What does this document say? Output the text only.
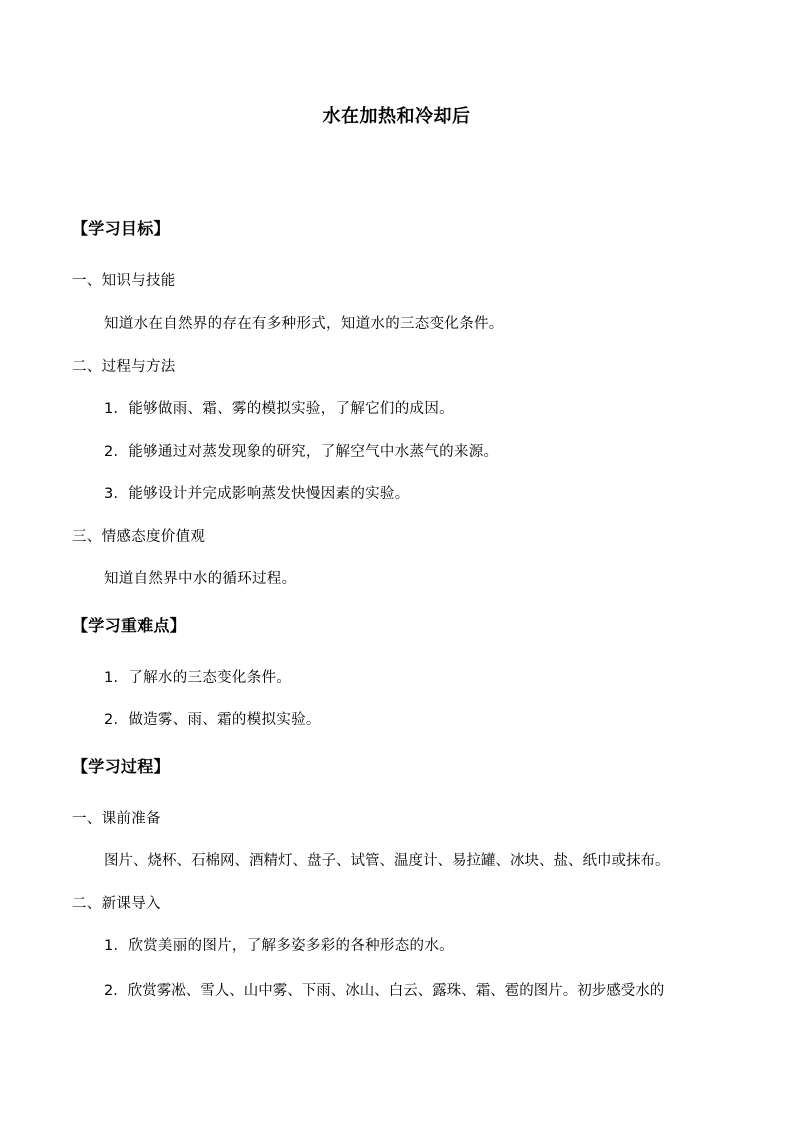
水在加热和冷却后
【学习目标】
一、知识与技能
知道水在自然界的存在有多种形式，知道水的三态变化条件。
二、过程与方法
1．能够做雨、霜、雾的模拟实验，了解它们的成因。
2．能够通过对蒸发现象的研究，了解空气中水蒸气的来源。
3．能够设计并完成影响蒸发快慢因素的实验。
三、情感态度价值观
知道自然界中水的循环过程。
【学习重难点】
1．了解水的三态变化条件。
2．做造雾、雨、霜的模拟实验。
【学习过程】
一、课前准备
图片、烧杯、石棉网、酒精灯、盘子、试管、温度计、易拉罐、冰块、盐、纸巾或抹布。
二、新课导入
1．欣赏美丽的图片，了解多姿多彩的各种形态的水。
2．欣赏雾凇、雪人、山中雾、下雨、冰山、白云、露珠、霜、雹的图片。初步感受水的
